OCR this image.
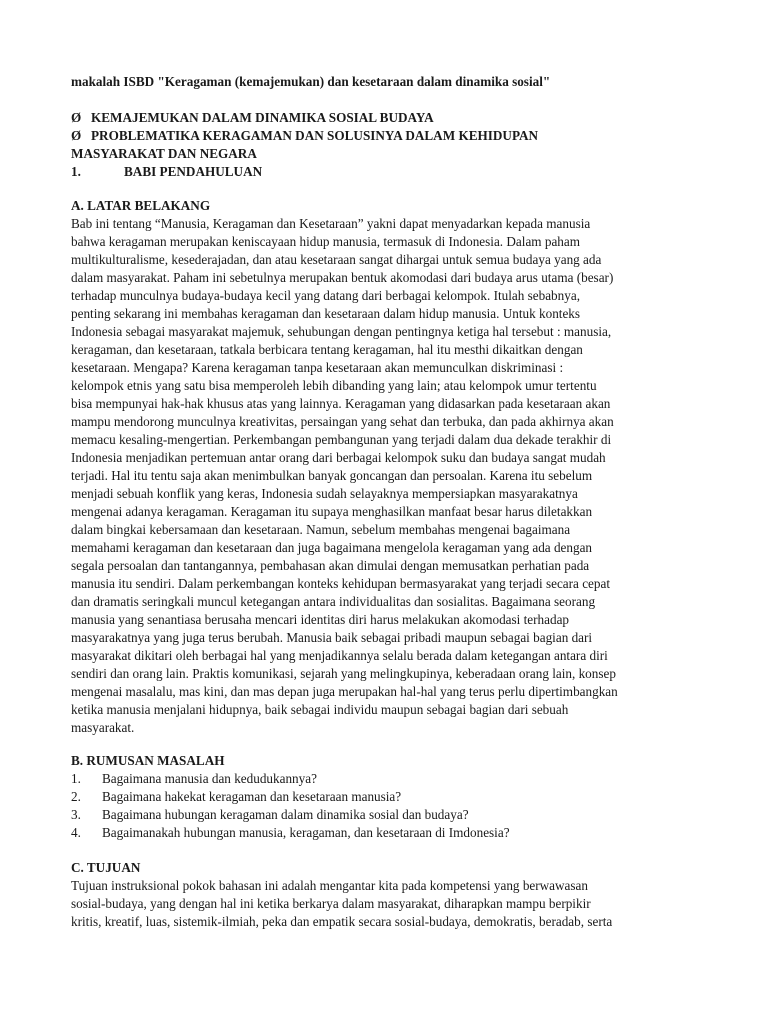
makalah ISBD "Keragaman (kemajemukan) dan kesetaraan dalam dinamika sosial"
Ø KEMAJEMUKAN DALAM DINAMIKA SOSIAL BUDAYA
Ø PROBLEMATIKA KERAGAMAN DAN SOLUSINYA DALAM KEHIDUPAN
MASYARAKAT DAN NEGARA
1.	BABI PENDAHULUAN
A. LATAR BELAKANG
Bab ini tentang “Manusia, Keragaman dan Kesetaraan” yakni dapat menyadarkan kepada manusia
bahwa keragaman merupakan keniscayaan hidup manusia, termasuk di Indonesia. Dalam paham
multikulturalisme, kesederajadan, dan atau kesetaraan sangat dihargai untuk semua budaya yang ada
dalam masyarakat. Paham ini sebetulnya merupakan bentuk akomodasi dari budaya arus utama (besar)
terhadap munculnya budaya-budaya kecil yang datang dari berbagai kelompok. Itulah sebabnya,
penting sekarang ini membahas keragaman dan kesetaraan dalam hidup manusia. Untuk konteks
Indonesia sebagai masyarakat majemuk, sehubungan dengan pentingnya ketiga hal tersebut : manusia,
keragaman, dan kesetaraan, tatkala berbicara tentang keragaman, hal itu mesthi dikaitkan dengan
kesetaraan. Mengapa? Karena keragaman tanpa kesetaraan akan memunculkan diskriminasi :
kelompok etnis yang satu bisa memperoleh lebih dibanding yang lain; atau kelompok umur tertentu
bisa mempunyai hak-hak khusus atas yang lainnya. Keragaman yang didasarkan pada kesetaraan akan
mampu mendorong munculnya kreativitas, persaingan yang sehat dan terbuka, dan pada akhirnya akan
memacu kesaling-mengertian. Perkembangan pembangunan yang terjadi dalam dua dekade terakhir di
Indonesia menjadikan pertemuan antar orang dari berbagai kelompok suku dan budaya sangat mudah
terjadi. Hal itu tentu saja akan menimbulkan banyak goncangan dan persoalan. Karena itu sebelum
menjadi sebuah konflik yang keras, Indonesia sudah selayaknya mempersiapkan masyarakatnya
mengenai adanya keragaman. Keragaman itu supaya menghasilkan manfaat besar harus diletakkan
dalam bingkai kebersamaan dan kesetaraan. Namun, sebelum membahas mengenai bagaimana
memahami keragaman dan kesetaraan dan juga bagaimana mengelola keragaman yang ada dengan
segala persoalan dan tantangannya, pembahasan akan dimulai dengan memusatkan perhatian pada
manusia itu sendiri. Dalam perkembangan konteks kehidupan bermasyarakat yang terjadi secara cepat
dan dramatis seringkali muncul ketegangan antara individualitas dan sosialitas. Bagaimana seorang
manusia yang senantiasa berusaha mencari identitas diri harus melakukan akomodasi terhadap
masyarakatnya yang juga terus berubah. Manusia baik sebagai pribadi maupun sebagai bagian dari
masyarakat dikitari oleh berbagai hal yang menjadikannya selalu berada dalam ketegangan antara diri
sendiri dan orang lain. Praktis komunikasi, sejarah yang melingkupinya, keberadaan orang lain, konsep
mengenai masalalu, mas kini, dan mas depan juga merupakan hal-hal yang terus perlu dipertimbangkan
ketika manusia menjalani hidupnya, baik sebagai individu maupun sebagai bagian dari sebuah
masyarakat.
B. RUMUSAN MASALAH
1.	Bagaimana manusia dan kedudukannya?
2.	Bagaimana hakekat keragaman dan kesetaraan manusia?
3.	Bagaimana hubungan keragaman dalam dinamika sosial dan budaya?
4.	Bagaimanakah hubungan manusia, keragaman, dan kesetaraan di Imdonesia?
C. TUJUAN
Tujuan instruksional pokok bahasan ini adalah mengantar kita pada kompetensi yang berwawasan
sosial-budaya, yang dengan hal ini ketika berkarya dalam masyarakat, diharapkan mampu berpikir
kritis, kreatif, luas, sistemik-ilmiah, peka dan empatik secara sosial-budaya, demokratis, beradab, serta
